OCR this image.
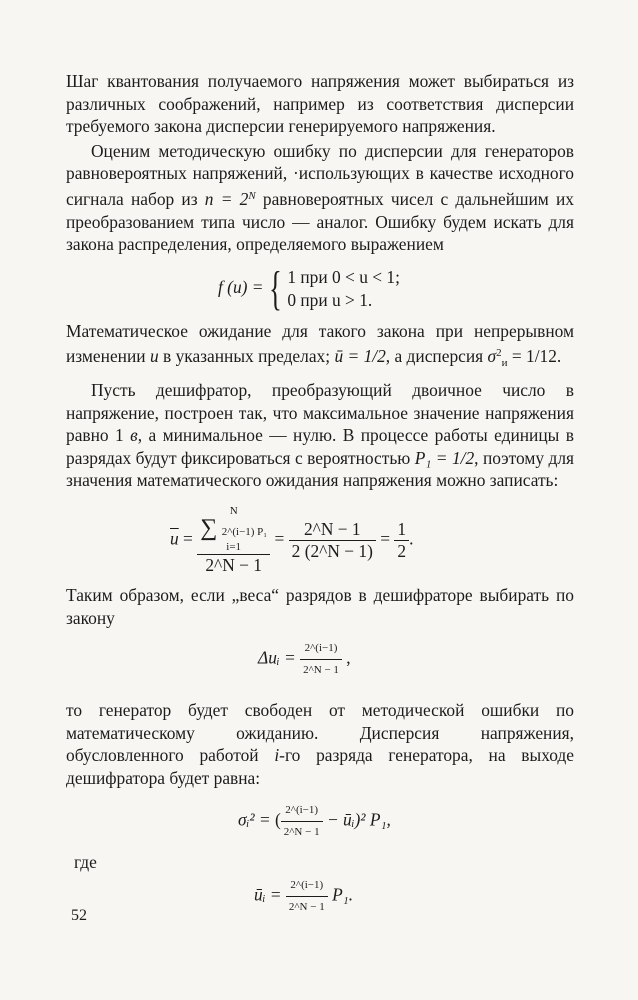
Шаг квантования получаемого напряжения может выбираться из различных соображений, например из соответствия дисперсии требуемого закона дисперсии генерируемого напряжения.

Оценим методическую ошибку по дисперсии для генераторов равновероятных напряжений, ·использующих в качестве исходного сигнала набор из $n = 2^N$ равновероятных чисел с дальнейшим их преобразованием типа число — аналог. Ошибку будем искать для закона распределения, определяемого выражением

f (u) = { 1 при 0 < u < 1;
0 при u > 1.

Математическое ожидание для такого закона при непрерывном изменении u в указанных пределах; ū = 1/2, а дисперсия $\sigma^2_и = 1/12$.

Пусть дешифратор, преобразующий двоичное число в напряжение, построен так, что максимальное значение напряжения равно 1 в, а минимальное — нулю. В процессе работы единицы в разрядах будут фиксироваться с вероятностью P₁ = 1/2, поэтому для значения математического ожидания напряжения можно записать:

$\overline{u} = N$
∑ 2^(i−1) P₁
i=1
2^N − $1 = \frac{2\^{}N - 1}{2 (2\^{}N - 1)} = \frac{1}{2}$ .

Таким образом, если „веса“ разрядов в дешифраторе выбирать по закону

Δuᵢ = $\frac{2\^{}(i-1)}{2\^{}N - 1}$ ,

то генератор будет свободен от методической ошибки по математическому ожиданию. Дисперсия напряжения, обусловленного работой i-го разряда генератора, на выходе дешифратора будет равна:

σᵢ² = ( $\frac{2\^{}(i-1)}{2\^{}N - 1}$ − ūᵢ)² P₁,

где

ūᵢ = $\frac{2\^{}(i-1)}{2\^{}N - 1} P_1$.
52
